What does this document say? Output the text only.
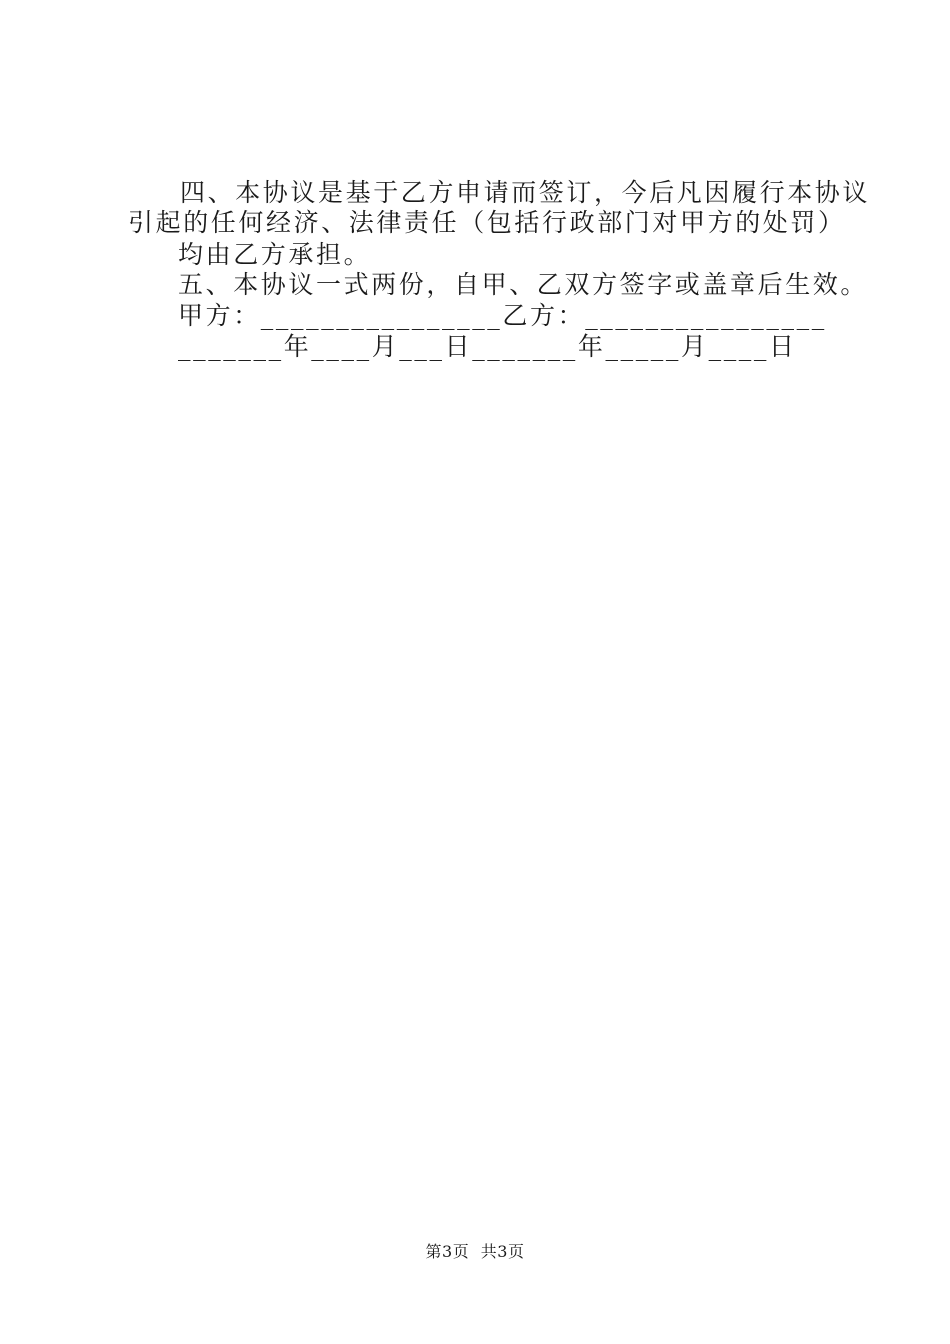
四、本协议是基于乙方申请而签订，今后凡因履行本协议
引起的任何经济、法律责任（包括行政部门对甲方的处罚）
均由乙方承担。
五、本协议一式两份，自甲、乙双方签字或盖章后生效。
甲方：________________乙方：________________
_______年____月___日_______年_____月____日
第3页 共3页
